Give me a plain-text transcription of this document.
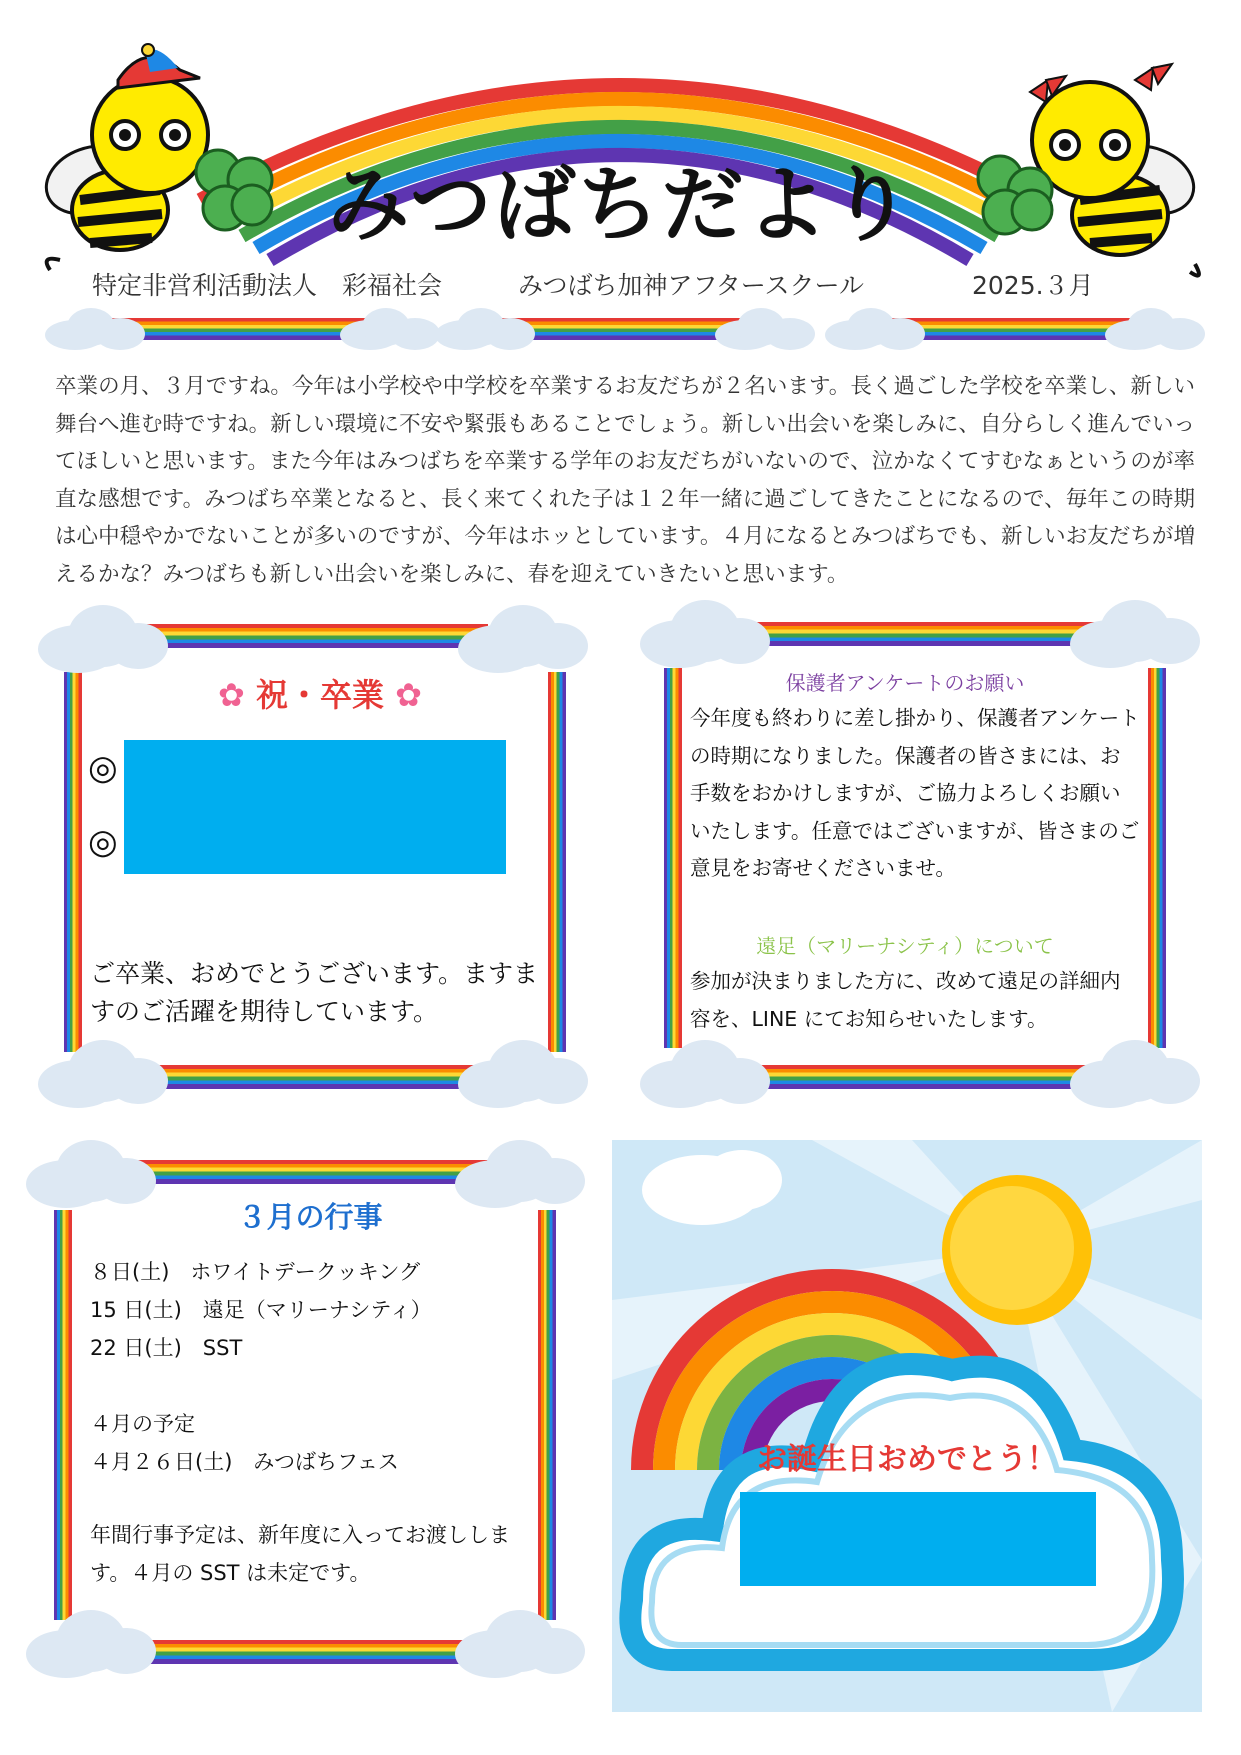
みつばちだより
特定非営利活動法人　彩福社会	みつばち加神アフタースクール	2025.３月
卒業の月、３月ですね。今年は小学校や中学校を卒業するお友だちが２名います。長く過ごした学校を卒業し、新しい舞台へ進む時ですね。新しい環境に不安や緊張もあることでしょう。新しい出会いを楽しみに、自分らしく進んでいってほしいと思います。また今年はみつばちを卒業する学年のお友だちがいないので、泣かなくてすむなぁというのが率直な感想です。みつばち卒業となると、長く来てくれた子は１２年一緒に過ごしてきたことになるので、毎年この時期は心中穏やかでないことが多いのですが、今年はホッとしています。４月になるとみつばちでも、新しいお友だちが増えるかな？みつばちも新しい出会いを楽しみに、春を迎えていきたいと思います。
✿ 祝・卒業 ✿
◎
◎
ご卒業、おめでとうございます。ますますのご活躍を期待しています。
保護者アンケートのお願い
今年度も終わりに差し掛かり、保護者アンケートの時期になりました。保護者の皆さまには、お手数をおかけしますが、ご協力よろしくお願いいたします。任意ではございますが、皆さまのご意見をお寄せくださいませ。
遠足（マリーナシティ）について
参加が決まりました方に、改めて遠足の詳細内容を、LINE にてお知らせいたします。
３月の行事
８日(土)　ホワイトデークッキング
15 日(土)　遠足（マリーナシティ）
22 日(土)　SST
４月の予定
４月２６日(土)　みつばちフェス
年間行事予定は、新年度に入ってお渡しします。４月の SST は未定です。
お誕生日おめでとう！
